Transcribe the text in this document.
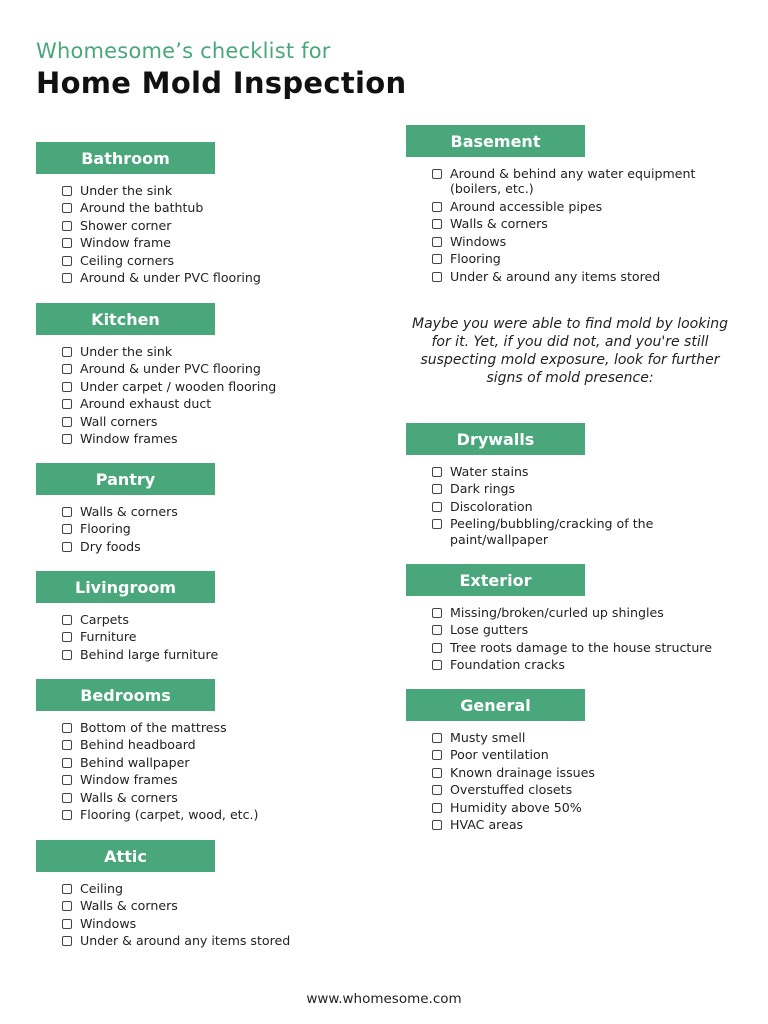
Whomesome’s checklist for
Home Mold Inspection
Bathroom
Under the sink
Around the bathtub
Shower corner
Window frame
Ceiling corners
Around & under PVC flooring
Kitchen
Under the sink
Around & under PVC flooring
Under carpet / wooden flooring
Around exhaust duct
Wall corners
Window frames
Pantry
Walls & corners
Flooring
Dry foods
Livingroom
Carpets
Furniture
Behind large furniture
Bedrooms
Bottom of the mattress
Behind headboard
Behind wallpaper
Window frames
Walls & corners
Flooring (carpet, wood, etc.)
Attic
Ceiling
Walls & corners
Windows
Under & around any items stored
Basement
Around & behind any water equipment (boilers, etc.)
Around accessible pipes
Walls & corners
Windows
Flooring
Under & around any items stored
Maybe you were able to find mold by looking for it. Yet, if you did not, and you're still suspecting mold exposure, look for further signs of mold presence:
Drywalls
Water stains
Dark rings
Discoloration
Peeling/bubbling/cracking of the paint/wallpaper
Exterior
Missing/broken/curled up shingles
Lose gutters
Tree roots damage to the house structure
Foundation cracks
General
Musty smell
Poor ventilation
Known drainage issues
Overstuffed closets
Humidity above 50%
HVAC areas
www.whomesome.com
